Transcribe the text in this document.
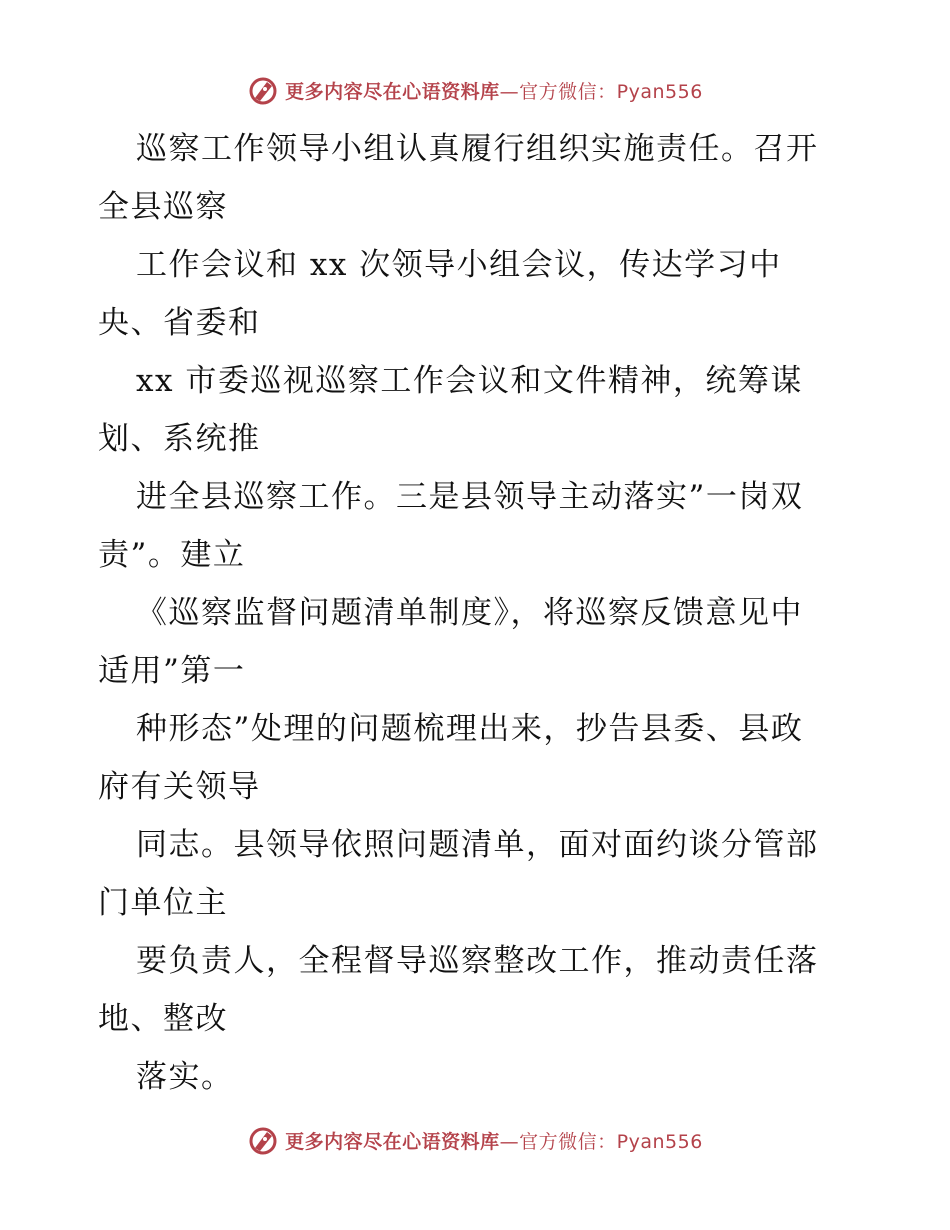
更多内容尽在心语资料库—官方微信：Pyan556
巡察工作领导小组认真履行组织实施责任。召开
全县巡察
工作会议和 xx 次领导小组会议，传达学习中
央、省委和
xx 市委巡视巡察工作会议和文件精神，统筹谋
划、系统推
进全县巡察工作。三是县领导主动落实”一岗双
责”。建立
《巡察监督问题清单制度》，将巡察反馈意见中
适用”第一
种形态”处理的问题梳理出来，抄告县委、县政
府有关领导
同志。县领导依照问题清单，面对面约谈分管部
门单位主
要负责人，全程督导巡察整改工作，推动责任落
地、整改
落实。
更多内容尽在心语资料库—官方微信：Pyan556
